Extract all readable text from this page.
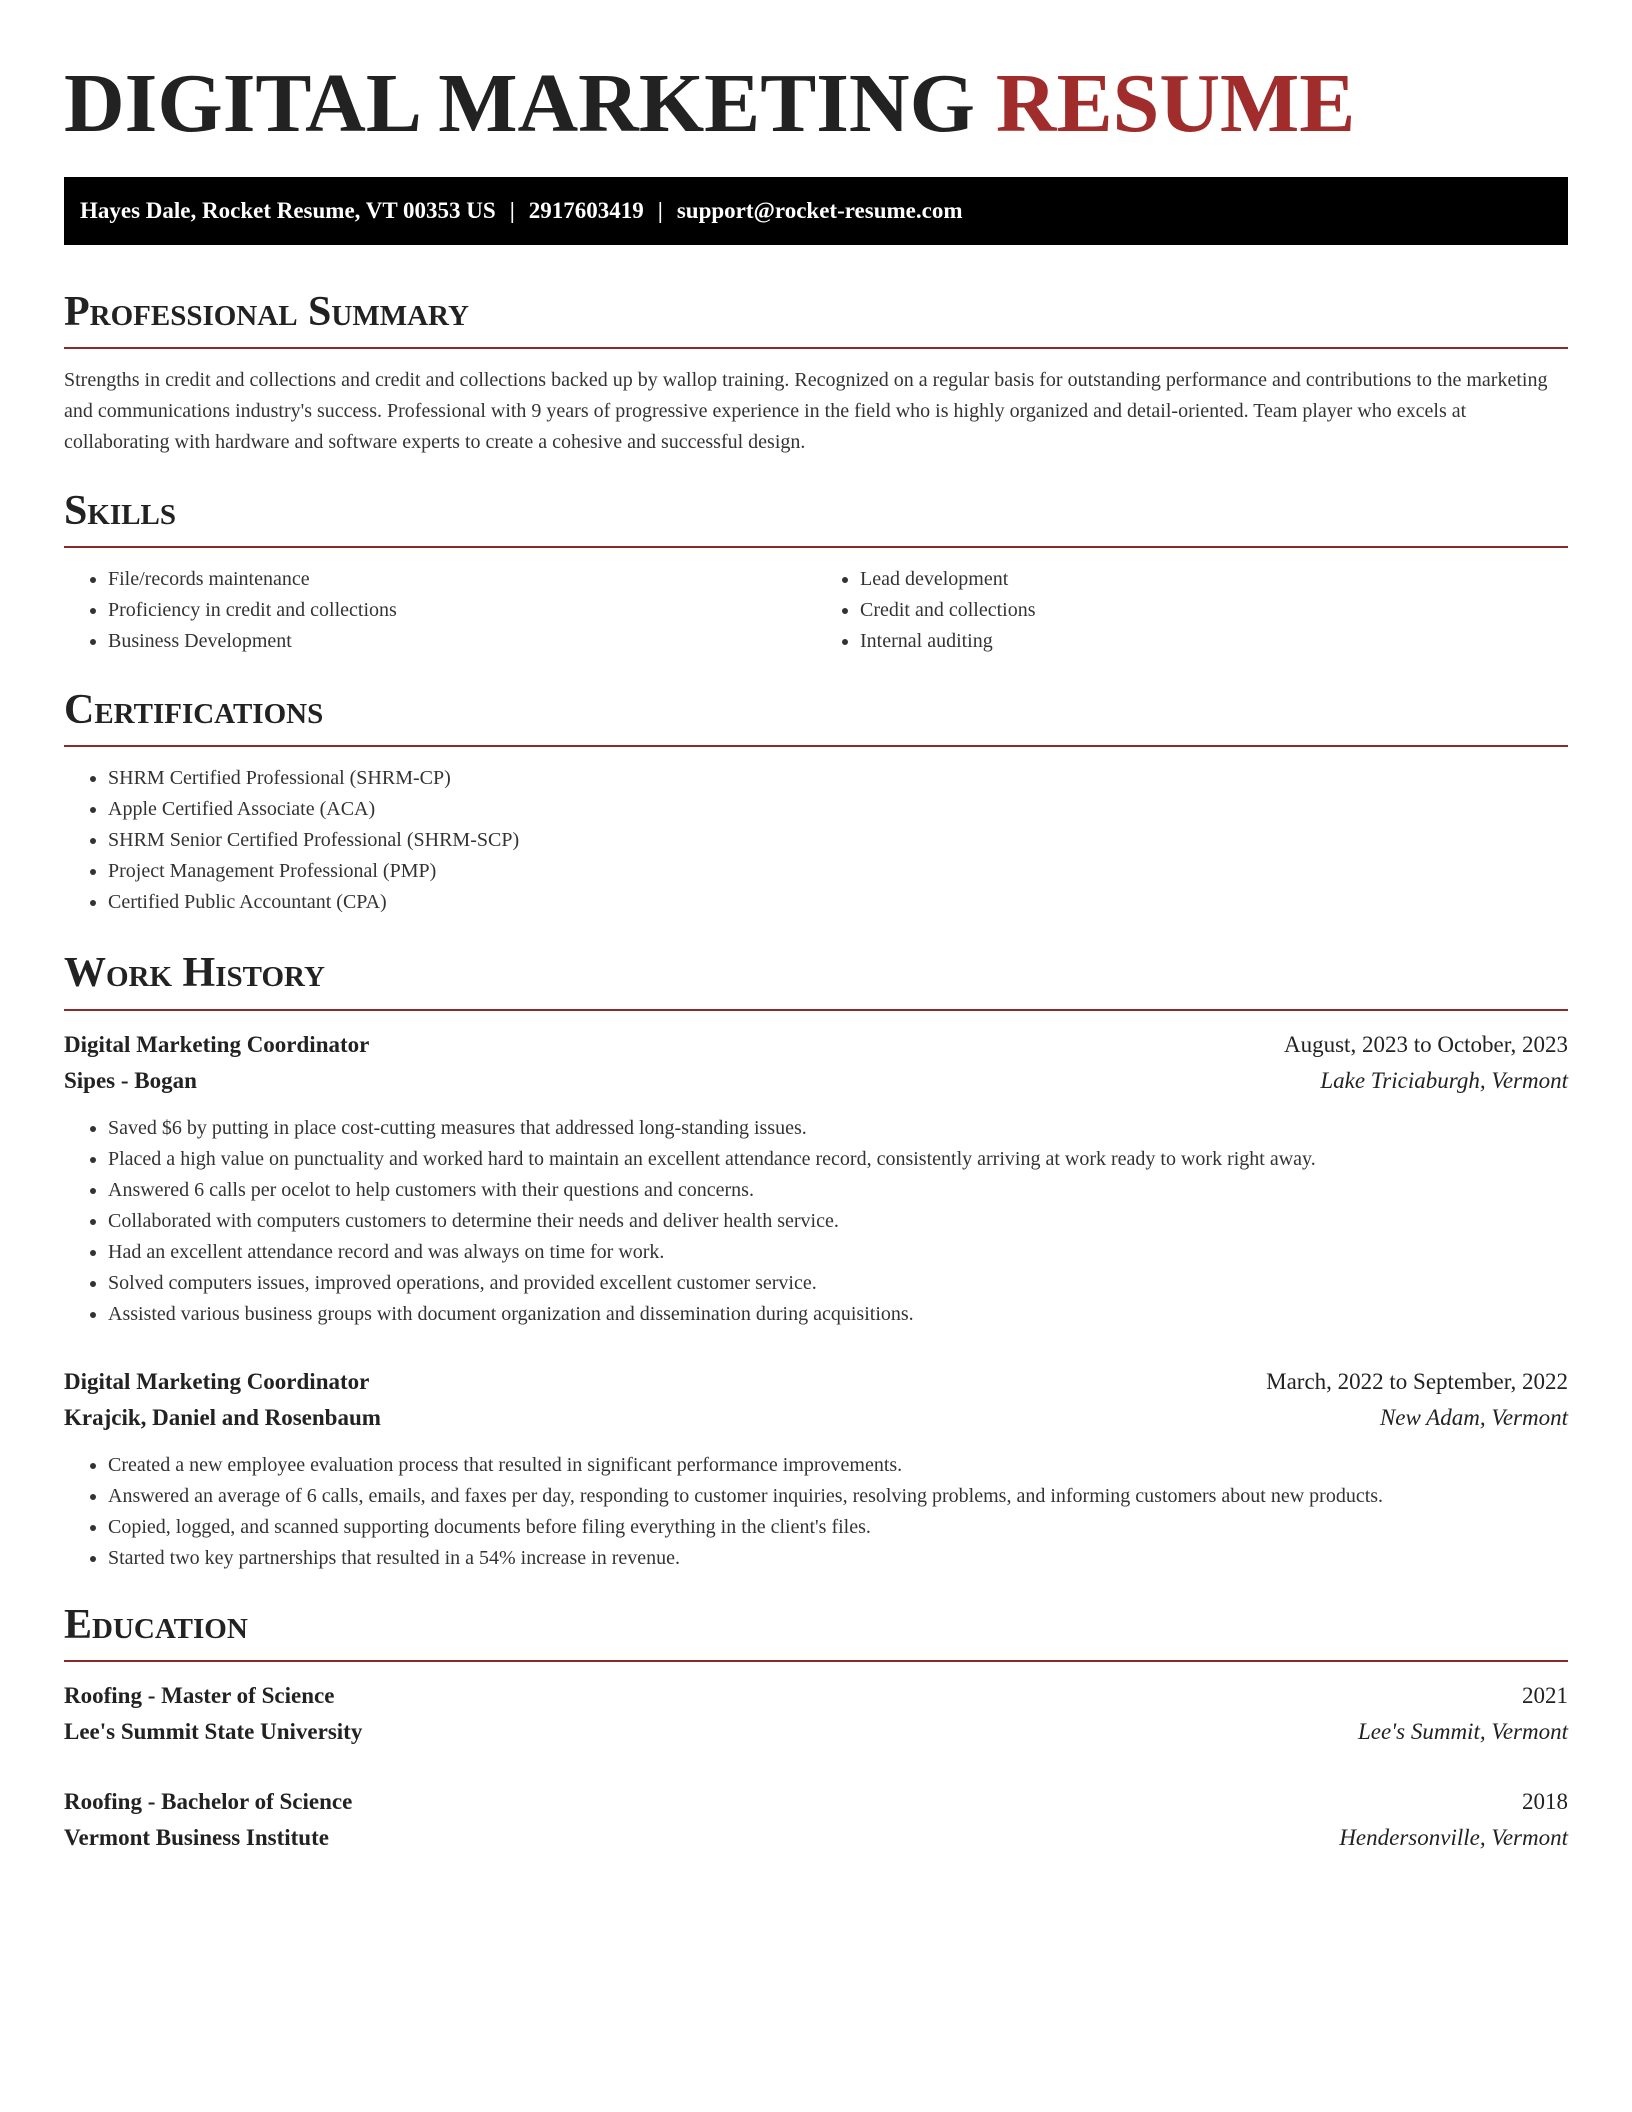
DIGITAL MARKETING RESUME
Hayes Dale, Rocket Resume, VT 00353 US | 2917603419 | support@rocket-resume.com
Professional Summary

Strengths in credit and collections and credit and collections backed up by wallop training. Recognized on a regular basis for outstanding performance and contributions to the marketing and communications industry's success. Professional with 9 years of progressive experience in the field who is highly organized and detail-oriented. Team player who excels at collaborating with hardware and software experts to create a cohesive and successful design.

Skills
• File/records maintenance
• Proficiency in credit and collections
• Business Development
• Lead development
• Credit and collections
• Internal auditing
Certifications
• SHRM Certified Professional (SHRM-CP)
• Apple Certified Associate (ACA)
• SHRM Senior Certified Professional (SHRM-SCP)
• Project Management Professional (PMP)
• Certified Public Accountant (CPA)
Work History
Digital Marketing Coordinator	August, 2023 to October, 2023
Sipes - Bogan	Lake Triciaburgh, Vermont
• Saved $6 by putting in place cost-cutting measures that addressed long-standing issues.
• Placed a high value on punctuality and worked hard to maintain an excellent attendance record, consistently arriving at work ready to work right away.
• Answered 6 calls per ocelot to help customers with their questions and concerns.
• Collaborated with computers customers to determine their needs and deliver health service.
• Had an excellent attendance record and was always on time for work.
• Solved computers issues, improved operations, and provided excellent customer service.
• Assisted various business groups with document organization and dissemination during acquisitions.
Digital Marketing Coordinator	March, 2022 to September, 2022
Krajcik, Daniel and Rosenbaum	New Adam, Vermont
• Created a new employee evaluation process that resulted in significant performance improvements.
• Answered an average of 6 calls, emails, and faxes per day, responding to customer inquiries, resolving problems, and informing customers about new products.
• Copied, logged, and scanned supporting documents before filing everything in the client's files.
• Started two key partnerships that resulted in a 54% increase in revenue.
Education
Roofing - Master of Science	2021
Lee's Summit State University	Lee's Summit, Vermont
Roofing - Bachelor of Science	2018
Vermont Business Institute	Hendersonville, Vermont
